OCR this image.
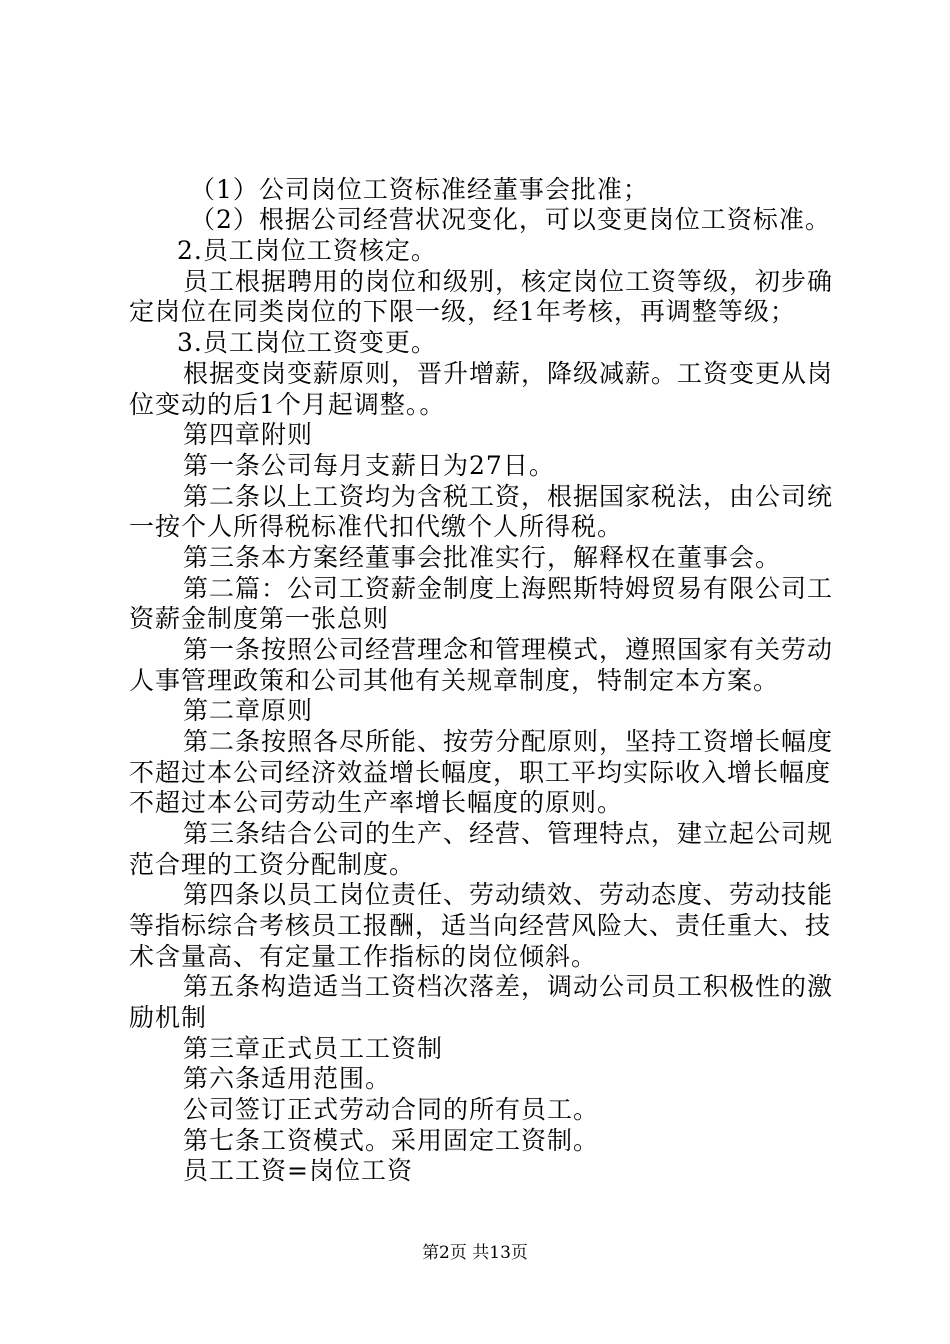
（1）公司岗位工资标准经董事会批准；
（2）根据公司经营状况变化，可以变更岗位工资标准。
2.员工岗位工资核定。
员工根据聘用的岗位和级别，核定岗位工资等级，初步确
定岗位在同类岗位的下限一级，经1年考核，再调整等级；
3.员工岗位工资变更。
根据变岗变薪原则，晋升增薪，降级减薪。工资变更从岗
位变动的后1个月起调整。。
第四章附则
第一条公司每月支薪日为27日。
第二条以上工资均为含税工资，根据国家税法，由公司统
一按个人所得税标准代扣代缴个人所得税。
第三条本方案经董事会批准实行，解释权在董事会。
第二篇：公司工资薪金制度上海熙斯特姆贸易有限公司工
资薪金制度第一张总则
第一条按照公司经营理念和管理模式，遵照国家有关劳动
人事管理政策和公司其他有关规章制度，特制定本方案。
第二章原则
第二条按照各尽所能、按劳分配原则，坚持工资增长幅度
不超过本公司经济效益增长幅度，职工平均实际收入增长幅度
不超过本公司劳动生产率增长幅度的原则。
第三条结合公司的生产、经营、管理特点，建立起公司规
范合理的工资分配制度。
第四条以员工岗位责任、劳动绩效、劳动态度、劳动技能
等指标综合考核员工报酬，适当向经营风险大、责任重大、技
术含量高、有定量工作指标的岗位倾斜。
第五条构造适当工资档次落差，调动公司员工积极性的激
励机制
第三章正式员工工资制
第六条适用范围。
公司签订正式劳动合同的所有员工。
第七条工资模式。采用固定工资制。
员工工资=岗位工资
第2页 共13页
